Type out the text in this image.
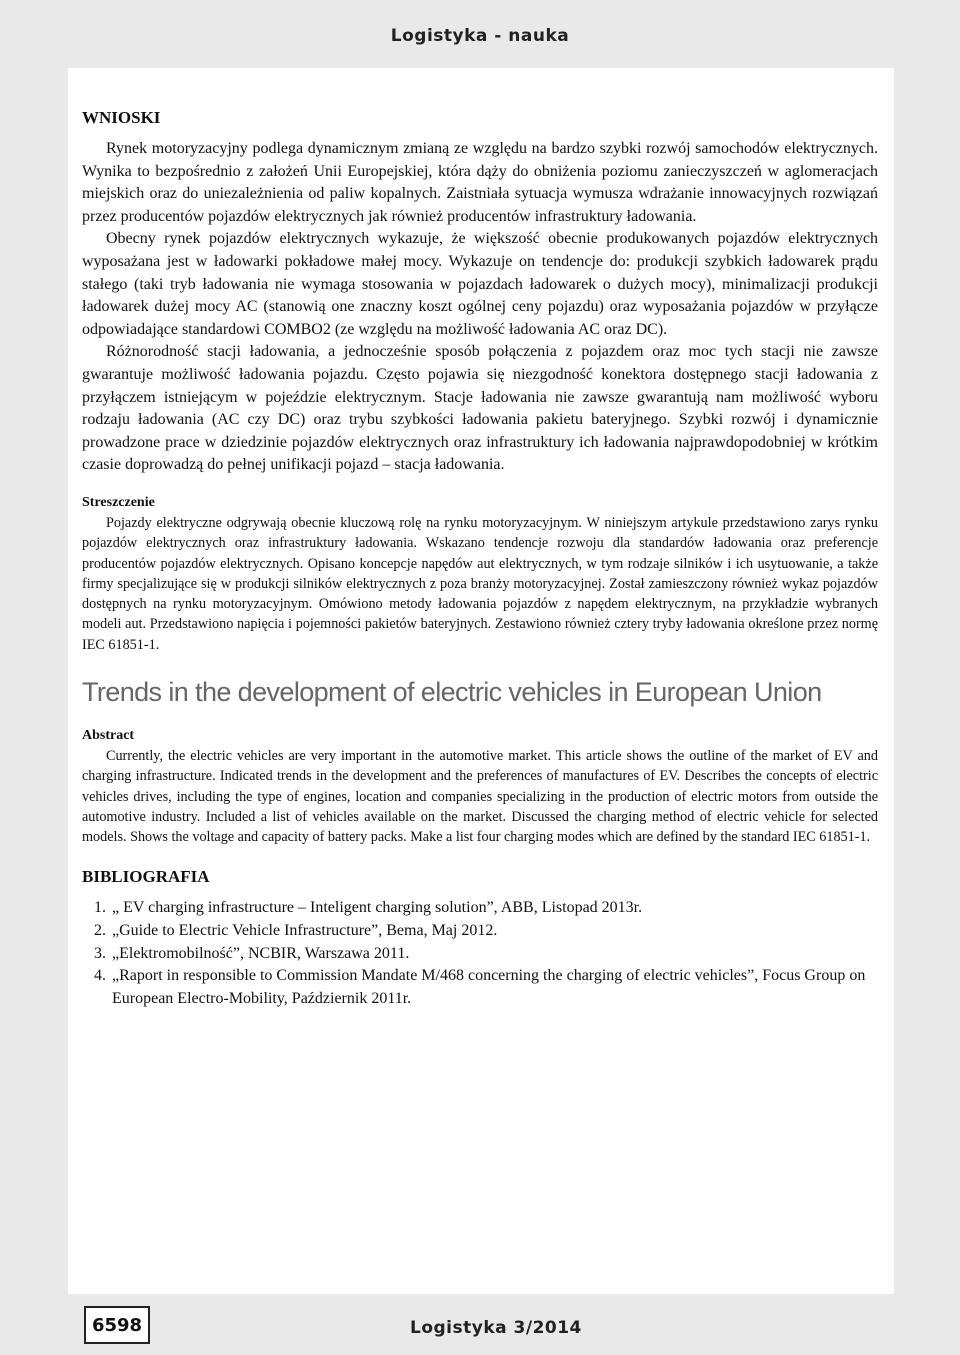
Logistyka - nauka
WNIOSKI

Rynek motoryzacyjny podlega dynamicznym zmianą ze względu na bardzo szybki rozwój samochodów elektrycznych. Wynika to bezpośrednio z założeń Unii Europejskiej, która dąży do obniżenia poziomu zanieczyszczeń w aglomeracjach miejskich oraz do uniezależnienia od paliw kopalnych. Zaistniała sytuacja wymusza wdrażanie innowacyjnych rozwiązań przez producentów pojazdów elektrycznych jak również producentów infrastruktury ładowania.

Obecny rynek pojazdów elektrycznych wykazuje, że większość obecnie produkowanych pojazdów elektrycznych wyposażana jest w ładowarki pokładowe małej mocy. Wykazuje on tendencje do: produkcji szybkich ładowarek prądu stałego (taki tryb ładowania nie wymaga stosowania w pojazdach ładowarek o dużych mocy), minimalizacji produkcji ładowarek dużej mocy AC (stanowią one znaczny koszt ogólnej ceny pojazdu) oraz wyposażania pojazdów w przyłącze odpowiadające standardowi COMBO2 (ze względu na możliwość ładowania AC oraz DC).

Różnorodność stacji ładowania, a jednocześnie sposób połączenia z pojazdem oraz moc tych stacji nie zawsze gwarantuje możliwość ładowania pojazdu. Często pojawia się niezgodność konektora dostępnego stacji ładowania z przyłączem istniejącym w pojeździe elektrycznym. Stacje ładowania nie zawsze gwarantują nam możliwość wyboru rodzaju ładowania (AC czy DC) oraz trybu szybkości ładowania pakietu bateryjnego. Szybki rozwój i dynamicznie prowadzone prace w dziedzinie pojazdów elektrycznych oraz infrastruktury ich ładowania najprawdopodobniej w krótkim czasie doprowadzą do pełnej unifikacji pojazd – stacja ładowania.

Streszczenie

Pojazdy elektryczne odgrywają obecnie kluczową rolę na rynku motoryzacyjnym. W niniejszym artykule przedstawiono zarys rynku pojazdów elektrycznych oraz infrastruktury ładowania. Wskazano tendencje rozwoju dla standardów ładowania oraz preferencje producentów pojazdów elektrycznych. Opisano koncepcje napędów aut elektrycznych, w tym rodzaje silników i ich usytuowanie, a także firmy specjalizujące się w produkcji silników elektrycznych z poza branży motoryzacyjnej. Został zamieszczony również wykaz pojazdów dostępnych na rynku motoryzacyjnym. Omówiono metody ładowania pojazdów z napędem elektrycznym, na przykładzie wybranych modeli aut. Przedstawiono napięcia i pojemności pakietów bateryjnych. Zestawiono również cztery tryby ładowania określone przez normę IEC 61851-1.

Trends in the development of electric vehicles in European Union
Abstract

Currently, the electric vehicles are very important in the automotive market. This article shows the outline of the market of EV and charging infrastructure. Indicated trends in the development and the preferences of manufactures of EV. Describes the concepts of electric vehicles drives, including the type of engines, location and companies specializing in the production of electric motors from outside the automotive industry. Included a list of vehicles available on the market. Discussed the charging method of electric vehicle for selected models. Shows the voltage and capacity of battery packs. Make a list four charging modes which are defined by the standard IEC 61851-1.

BIBLIOGRAFIA
1. „ EV charging infrastructure – Inteligent charging solution”, ABB, Listopad 2013r.
2. „Guide to Electric Vehicle Infrastructure”, Bema, Maj 2012.
3. „Elektromobilność”, NCBIR, Warszawa 2011.
4. „Raport in responsible to Commission Mandate M/468 concerning the charging of electric vehicles”, Focus Group on European Electro-Mobility, Październik 2011r.
6598	Logistyka 3/2014
